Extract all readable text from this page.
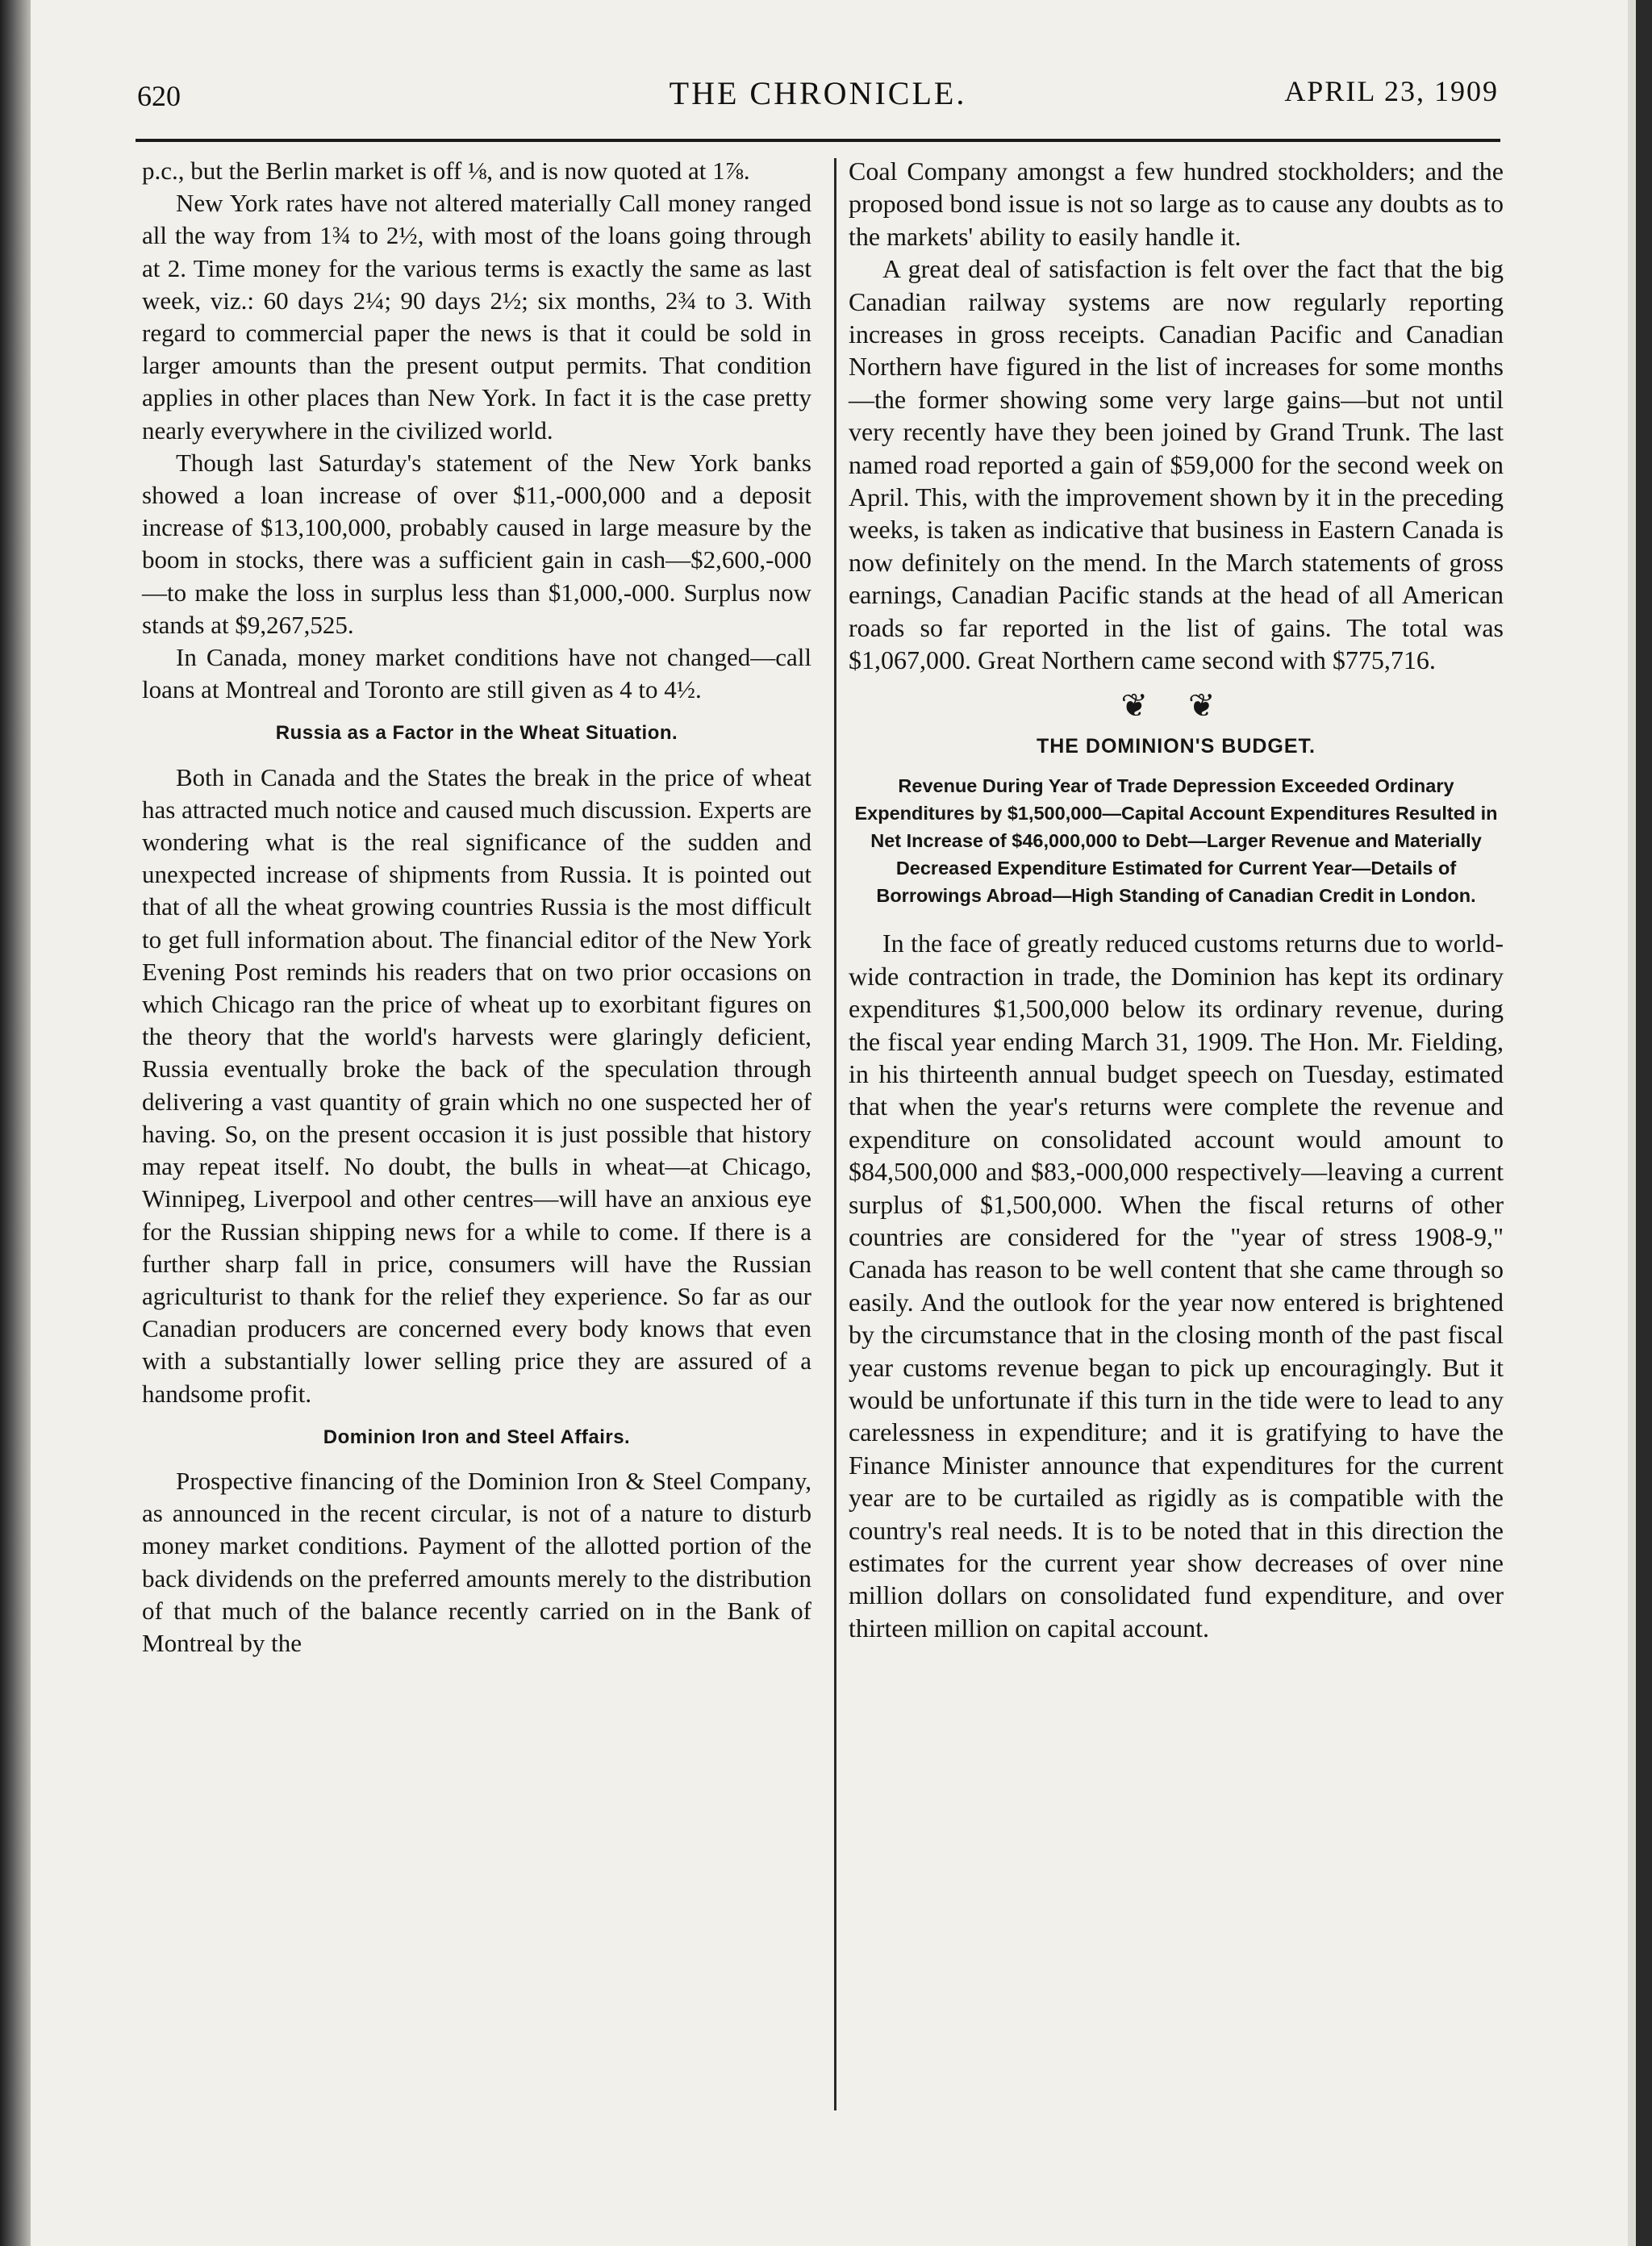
620	THE CHRONICLE.	APRIL 23, 1909

p.c., but the Berlin market is off ⅛, and is now quoted at 1⅞.

New York rates have not altered materially Call money ranged all the way from 1¾ to 2½, with most of the loans going through at 2. Time money for the various terms is exactly the same as last week, viz.: 60 days 2¼; 90 days 2½; six months, 2¾ to 3. With regard to commercial paper the news is that it could be sold in larger amounts than the present output permits. That condition applies in other places than New York. In fact it is the case pretty nearly everywhere in the civilized world.

Though last Saturday's statement of the New York banks showed a loan increase of over $11,-000,000 and a deposit increase of $13,100,000, probably caused in large measure by the boom in stocks, there was a sufficient gain in cash—$2,600,-000—to make the loss in surplus less than $1,000,-000. Surplus now stands at $9,267,525.

In Canada, money market conditions have not changed—call loans at Montreal and Toronto are still given as 4 to 4½.

Russia as a Factor in the Wheat Situation.

Both in Canada and the States the break in the price of wheat has attracted much notice and caused much discussion. Experts are wondering what is the real significance of the sudden and unexpected increase of shipments from Russia. It is pointed out that of all the wheat growing countries Russia is the most difficult to get full information about. The financial editor of the New York Evening Post reminds his readers that on two prior occasions on which Chicago ran the price of wheat up to exorbitant figures on the theory that the world's harvests were glaringly deficient, Russia eventually broke the back of the speculation through delivering a vast quantity of grain which no one suspected her of having. So, on the present occasion it is just possible that history may repeat itself. No doubt, the bulls in wheat—at Chicago, Winnipeg, Liverpool and other centres—will have an anxious eye for the Russian shipping news for a while to come. If there is a further sharp fall in price, consumers will have the Russian agriculturist to thank for the relief they experience. So far as our Canadian producers are concerned every body knows that even with a substantially lower selling price they are assured of a handsome profit.

Dominion Iron and Steel Affairs.

Prospective financing of the Dominion Iron & Steel Company, as announced in the recent circular, is not of a nature to disturb money market conditions. Payment of the allotted portion of the back dividends on the preferred amounts merely to the distribution of that much of the balance recently carried on in the Bank of Montreal by the

Coal Company amongst a few hundred stockholders; and the proposed bond issue is not so large as to cause any doubts as to the markets' ability to easily handle it.

A great deal of satisfaction is felt over the fact that the big Canadian railway systems are now regularly reporting increases in gross receipts. Canadian Pacific and Canadian Northern have figured in the list of increases for some months—the former showing some very large gains—but not until very recently have they been joined by Grand Trunk. The last named road reported a gain of $59,000 for the second week on April. This, with the improvement shown by it in the preceding weeks, is taken as indicative that business in Eastern Canada is now definitely on the mend. In the March statements of gross earnings, Canadian Pacific stands at the head of all American roads so far reported in the list of gains. The total was $1,067,000. Great Northern came second with $775,716.

❦ ❦
THE DOMINION'S BUDGET.
Revenue During Year of Trade Depression Exceeded Ordinary Expenditures by $1,500,000—Capital Account Expenditures Resulted in Net Increase of $46,000,000 to Debt—Larger Revenue and Materially Decreased Expenditure Estimated for Current Year—Details of Borrowings Abroad—High Standing of Canadian Credit in London.

In the face of greatly reduced customs returns due to world-wide contraction in trade, the Dominion has kept its ordinary expenditures $1,500,000 below its ordinary revenue, during the fiscal year ending March 31, 1909. The Hon. Mr. Fielding, in his thirteenth annual budget speech on Tuesday, estimated that when the year's returns were complete the revenue and expenditure on consolidated account would amount to $84,500,000 and $83,-000,000 respectively—leaving a current surplus of $1,500,000. When the fiscal returns of other countries are considered for the "year of stress 1908-9," Canada has reason to be well content that she came through so easily. And the outlook for the year now entered is brightened by the circumstance that in the closing month of the past fiscal year customs revenue began to pick up encouragingly. But it would be unfortunate if this turn in the tide were to lead to any carelessness in expenditure; and it is gratifying to have the Finance Minister announce that expenditures for the current year are to be curtailed as rigidly as is compatible with the country's real needs. It is to be noted that in this direction the estimates for the current year show decreases of over nine million dollars on consolidated fund expenditure, and over thirteen million on capital account.
